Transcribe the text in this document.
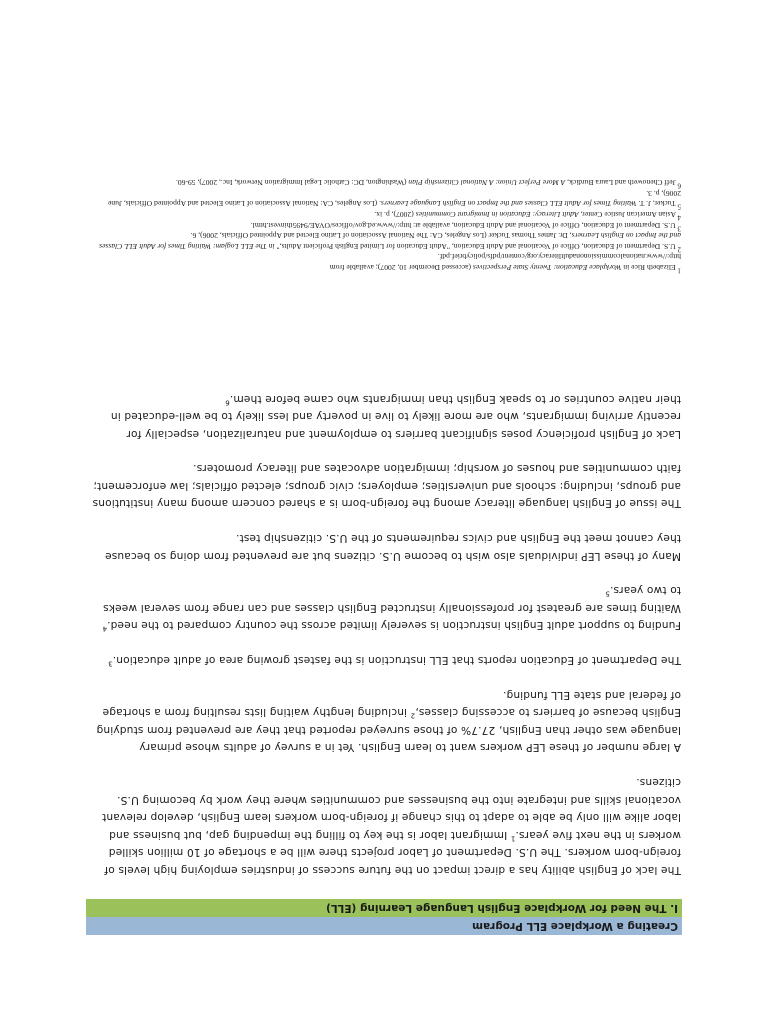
Creating a Workplace ELL Program
I. The Need for Workplace English Language Learning (ELL)

The lack of English ability has a direct impact on the future success of industries employing high levels of foreign-born workers. The U.S. Department of Labor projects there will be a shortage of 10 million skilled workers in the next five years.$^1$ Immigrant labor is the key to filling the impending gap, but business and labor alike will only be able to adapt to this change if foreign-born workers learn English, develop relevant vocational skills and integrate into the businesses and communities where they work by becoming U.S. citizens.

A large number of these LEP workers want to learn English. Yet in a survey of adults whose primary language was other than English, 27.7% of those surveyed reported that they are prevented from studying English because of barriers to accessing classes,$^2$ including lengthy waiting lists resulting from a shortage of federal and state ELL funding.

The Department of Education reports that ELL instruction is the fastest growing area of adult education.$^3$

Funding to support adult English instruction is severely limited across the country compared to the need.$^4$ Waiting times are greatest for professionally instructed English classes and can range from several weeks to two years.$^5$

Many of these LEP individuals also wish to become U.S. citizens but are prevented from doing so because they cannot meet the English and civics requirements of the U.S. citizenship test.

The issue of English language literacy among the foreign-born is a shared concern among many institutions and groups, including: schools and universities; employers; civic groups; elected officials; law enforcement; faith communities and houses of worship; immigration advocates and literacy promoters.

Lack of English proficiency poses significant barriers to employment and naturalization, especially for recently arriving immigrants, who are more likely to live in poverty and less likely to be well-educated in their native countries or to speak English than immigrants who came before them.$^6$

$^1$ Elizabeth Rice in Workplace Education: Twenty State Perspectives (accessed December 10, 2007); available from http://www.nationalcommissiononadultliteracy.org/content/pdfs/policybrief.pdf.

$^2$ U.S. Department of Education, Office of Vocational and Adult Education, "Adult Education for Limited English Proficient Adults," in The ELL Logjam: Waiting Times for Adult ELL Classes and the Impact on English Learners, Dr. James Thomas Tucker (Los Angeles, CA: The National Association of Latino Elected and Appointed Officials, 2006), 6.

$^3$ U.S. Department of Education, Office of Vocational and Adult Education, available at: http://www.ed.gov/offices/OVAE/9495thinvest.html.

$^4$ Asian American Justice Center, Adult Literacy: Education in Immigrant Communities (2007), p. ix.

$^5$ Tucker, J. T. Waiting Times for Adult ELL Classes and the Impact on English Language Learners. (Los Angeles, CA: National Association of Latino Elected and Appointed Officials, June 2006), p. 3.

$^6$ Jeff Chenoweth and Laura Burdick, A More Perfect Union: A National Citizenship Plan (Washington, DC: Catholic Legal Immigration Network, Inc., 2007), 59-60.
